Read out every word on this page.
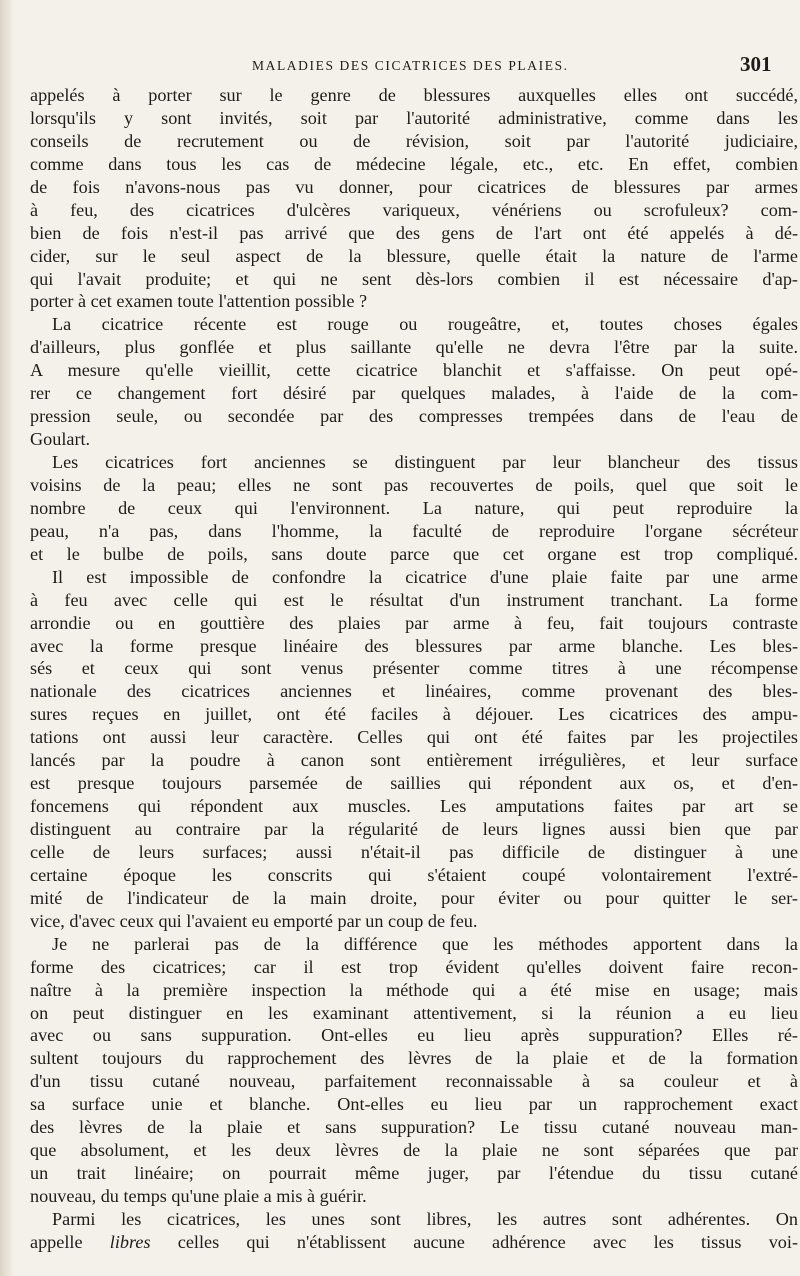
MALADIES DES CICATRICES DES PLAIES.	301
appelés à porter sur le genre de blessures auxquelles elles ont succédé,
lorsqu'ils y sont invités, soit par l'autorité administrative, comme dans les
conseils de recrutement ou de révision, soit par l'autorité judiciaire,
comme dans tous les cas de médecine légale, etc., etc. En effet, combien
de fois n'avons-nous pas vu donner, pour cicatrices de blessures par armes
à feu, des cicatrices d'ulcères variqueux, vénériens ou scrofuleux? com-
bien de fois n'est-il pas arrivé que des gens de l'art ont été appelés à dé-
cider, sur le seul aspect de la blessure, quelle était la nature de l'arme
qui l'avait produite; et qui ne sent dès-lors combien il est nécessaire d'ap-
porter à cet examen toute l'attention possible ?
La cicatrice récente est rouge ou rougeâtre, et, toutes choses égales
d'ailleurs, plus gonflée et plus saillante qu'elle ne devra l'être par la suite.
A mesure qu'elle vieillit, cette cicatrice blanchit et s'affaisse. On peut opé-
rer ce changement fort désiré par quelques malades, à l'aide de la com-
pression seule, ou secondée par des compresses trempées dans de l'eau de
Goulart.
Les cicatrices fort anciennes se distinguent par leur blancheur des tissus
voisins de la peau; elles ne sont pas recouvertes de poils, quel que soit le
nombre de ceux qui l'environnent. La nature, qui peut reproduire la
peau, n'a pas, dans l'homme, la faculté de reproduire l'organe sécréteur
et le bulbe de poils, sans doute parce que cet organe est trop compliqué.
Il est impossible de confondre la cicatrice d'une plaie faite par une arme
à feu avec celle qui est le résultat d'un instrument tranchant. La forme
arrondie ou en gouttière des plaies par arme à feu, fait toujours contraste
avec la forme presque linéaire des blessures par arme blanche. Les bles-
sés et ceux qui sont venus présenter comme titres à une récompense
nationale des cicatrices anciennes et linéaires, comme provenant des bles-
sures reçues en juillet, ont été faciles à déjouer. Les cicatrices des ampu-
tations ont aussi leur caractère. Celles qui ont été faites par les projectiles
lancés par la poudre à canon sont entièrement irrégulières, et leur surface
est presque toujours parsemée de saillies qui répondent aux os, et d'en-
foncemens qui répondent aux muscles. Les amputations faites par art se
distinguent au contraire par la régularité de leurs lignes aussi bien que par
celle de leurs surfaces; aussi n'était-il pas difficile de distinguer à une
certaine époque les conscrits qui s'étaient coupé volontairement l'extré-
mité de l'indicateur de la main droite, pour éviter ou pour quitter le ser-
vice, d'avec ceux qui l'avaient eu emporté par un coup de feu.
Je ne parlerai pas de la différence que les méthodes apportent dans la
forme des cicatrices; car il est trop évident qu'elles doivent faire recon-
naître à la première inspection la méthode qui a été mise en usage; mais
on peut distinguer en les examinant attentivement, si la réunion a eu lieu
avec ou sans suppuration. Ont-elles eu lieu après suppuration? Elles ré-
sultent toujours du rapprochement des lèvres de la plaie et de la formation
d'un tissu cutané nouveau, parfaitement reconnaissable à sa couleur et à
sa surface unie et blanche. Ont-elles eu lieu par un rapprochement exact
des lèvres de la plaie et sans suppuration? Le tissu cutané nouveau man-
que absolument, et les deux lèvres de la plaie ne sont séparées que par
un trait linéaire; on pourrait même juger, par l'étendue du tissu cutané
nouveau, du temps qu'une plaie a mis à guérir.
Parmi les cicatrices, les unes sont libres, les autres sont adhérentes. On
appelle libres celles qui n'établissent aucune adhérence avec les tissus voi-
